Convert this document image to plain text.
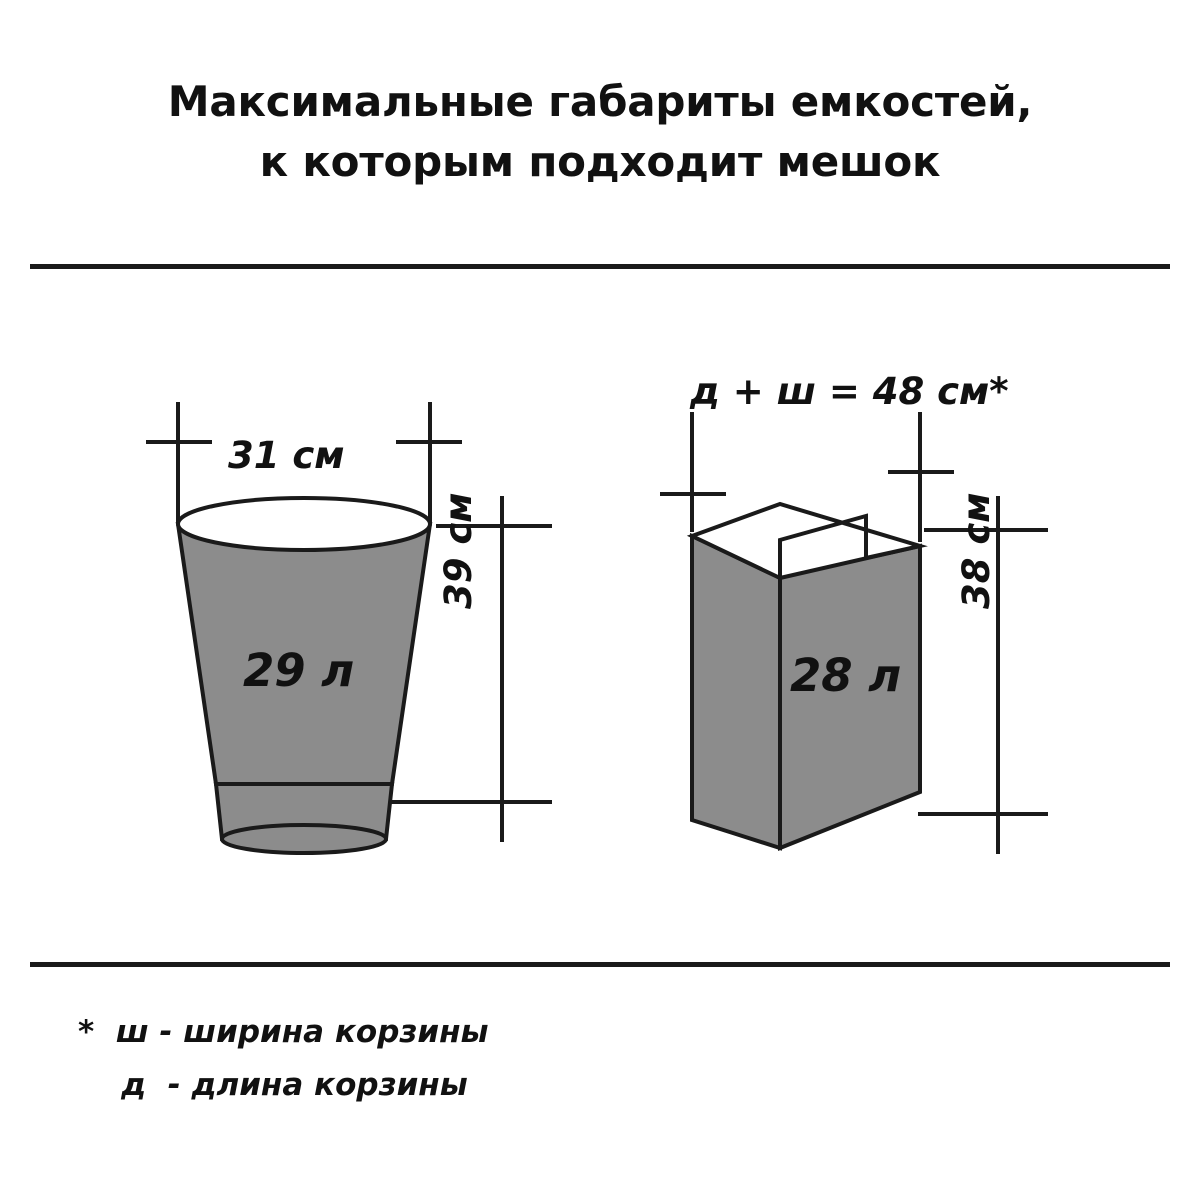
Максимальные габариты емкостей,
к которым подходит мешок
31 см
29 л
39 см
д + ш = 48 см*
28 л
38 см
*  ш - ширина корзины
д  - длина корзины
